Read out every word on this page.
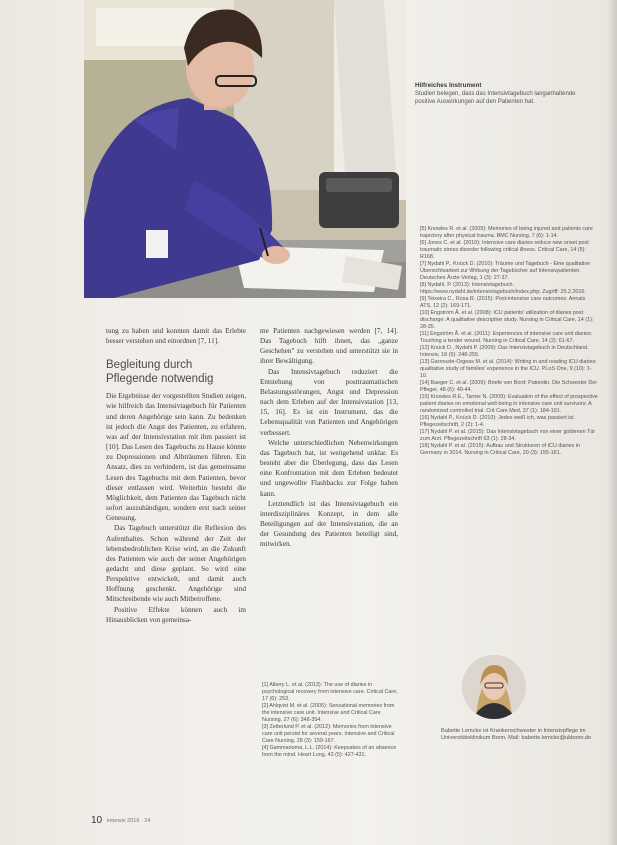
Hilfreiches Instrument

Studien belegen, dass das Intensivtagebuch langanhaltende positive Auswirkungen auf den Patienten hat.

tung zu haben und konnten damit das Erlebte besser verstehen und einordnen [7, 11].

Begleitung durch

Pflegende notwendig

Die Ergebnisse der vorgestellten Studien zeigen, wie hilfreich das Intensivtagebuch für Patienten und deren Angehörige sein kann. Zu bedenken ist jedoch die Angst des Patienten, zu erfahren, was auf der Intensivstation mit ihm passiert ist [10]. Das Lesen des Tagebuchs zu Hause könnte zu Depressionen und Albträumen führen. Ein Ansatz, dies zu verhindern, ist das gemeinsame Lesen des Tagebuchs mit dem Patienten, bevor dieser entlassen wird. Weiterhin besteht die Möglichkeit, dem Patienten das Tagebuch nicht sofort auszuhändigen, sondern erst nach seiner Genesung.

Das Tagebuch unterstützt die Reflexion des Aufenthaltes. Schon während der Zeit der lebensbedrohlichen Krise wird, an die Zukunft des Patienten wie auch der seiner Angehörigen gedacht und diese geplant. So wird eine Perspektive entwickelt, und damit auch Hoffnung geschenkt. Angehörige sind Mitschreibende wie auch Mitbetroffene.

Positive Effekte können auch im Hinausblicken von gemeinsa-

me Patienten nachgewiesen werden [7, 14]. Das Tagebuch hilft ihnen, das „ganze Geschehen" zu verstehen und unterstützt sie in ihrer Bewältigung.

Das Intensivtagebuch reduziert die Entstehung von posttraumatischen Belastungsstörungen, Angst und Depression nach dem Erleben auf der Intensivstation [13, 15, 16]. Es ist ein Instrument, das die Lebensqualität von Patienten und Angehörigen verbessert.

Welche unterschiedlichen Nebenwirkungen das Tagebuch hat, ist weitgehend unklar. Es besteht aber die Überlegung, dass das Lesen eine Konfrontation mit dem Erleben bedeutet und ungewollte Flashbacks zur Folge haben kann.

Letztendlich ist das Intensivtagebuch ein interdisziplinäres Konzept, in dem alle Beteiligungen auf der Intensivstation, die an der Gesundung des Patienten beteiligt sind, mitwirken.

[1] Albery L. et al. (2013): The use of diaries in psychological recovery from intensive care. Critical Care, 17 (6): 253.

[2] Ahlqvist M. et al. (2005): Sensational memories from the intensive care unit. Intensive and Critical Care Nursing, 27 (6): 348-354.

[3] Zetterlund P. et al. (2012): Memories from intensive care unit persist for several years. Intensive and Critical Care Nursing, 28 (3): 159-167.

[4] Gammanoma, L.L. (2014): Keepsakes of an absence from the mind. Heart Lung, 43 (5): 427-431.

[5] Knowles R. et al. (2009): Memories of being injured and patients care trajectory after physical trauma. BMC Nursing, 7 (6): 1-14.

[6] Jones C. et al. (2010): Intensive care diaries reduce new onset post traumatic stress disorder following critical illness. Critical Care, 14 (5): R168.

[7] Nydahl P., Knück D. (2010): Träume und Tagebuch - Eine qualitative Übersichtsarbeit zur Wirkung der Tagebücher auf Intensivpatienten. Deutsches Ärzte-Verlag, 1 (3): 27-37.

[8] Nydahl, P. (2013): Intensivtagebuch. https://www.nydahl.de/intensivtagebuch/index.php; Zugriff: 25.2.2016.

[9] Teixeira C., Rosa R. (2015): Post-intensive care outcomes. Annals ATS, 12 (2): 169-171.

[10] Engström Å. et al. (2008): ICU patients' utilization of diaries post discharge: A qualitative descriptive study. Nursing in Critical Care, 14 (1): 28-35.

[11] Engström Å. et al. (2011): Experiences of intensive care unit diaries: Touching a tender wound. Nursing in Critical Care, 14 (2): 61-67.

[12] Knück D., Nydahl P. (2009): Das Intensivtagebuch in Deutschland. Intensiv, 18 (5): 248-255.

[13] Garrouste-Orgeas M. et al. (2014): Writing in and reading ICU diaries: qualitative study of families' experience in the ICU. PLoS One, 9 (10): 1-10.

[14] Baeger C. et al. (2009): Briefe von Bord: Patientin. Die Schwester Der Pfleger, 48 (6): 40-44.

[15] Knowles R.E., Tarrier N. (2009): Evaluation of the effect of prospective patient diaries on emotional well-being in intensive care unit survivors: A randomized controlled trial. Crit Care Med, 37 (1): 184-191.

[16] Nydahl P., Knück D. (2010): Jedes weiß ich, was passiert ist. Pflegezeitschrift, 2 (2): 1-4.

[17] Nydahl P. et al. (2015): Das Intensivtagebuch von einer goldenen Tür zum Arzt. Pflegezeitschrift 63 (1): 28-34.

[18] Nydahl P. et al. (2015): Aufbau und Strukturen of ICU diaries in Germany in 2014. Nursing in Critical Care, 20 (3): 155-161.

Babette Lemcke ist Krankenschwester in Intensivpflege im Universitätsklinikum Bonn. Mail: babette.lemcke@ukbonn.de
10 intensiv 2016 · 24
